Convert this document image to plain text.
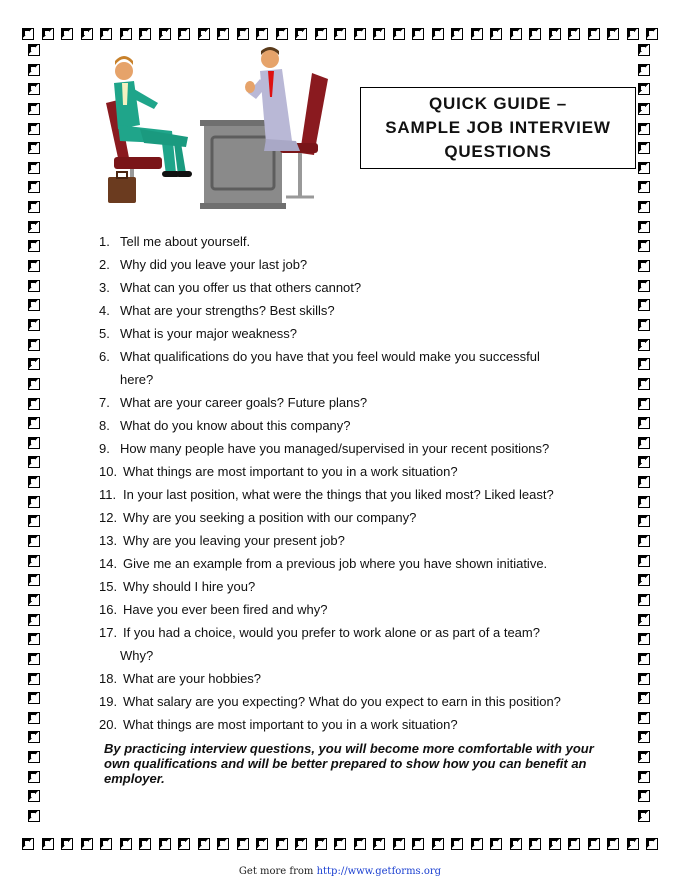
QUICK GUIDE –
SAMPLE JOB INTERVIEW
QUESTIONS
1. Tell me about yourself.
2. Why did you leave your last job?
3. What can you offer us that others cannot?
4. What are your strengths? Best skills?
5. What is your major weakness?
6. What qualifications do you have that you feel would make you successful
here?
7. What are your career goals? Future plans?
8. What do you know about this company?
9. How many people have you managed/supervised in your recent positions?
10. What things are most important to you in a work situation?
11. In your last position, what were the things that you liked most? Liked least?
12. Why are you seeking a position with our company?
13. Why are you leaving your present job?
14. Give me an example from a previous job where you have shown initiative.
15. Why should I hire you?
16. Have you ever been fired and why?
17. If you had a choice, would you prefer to work alone or as part of a team?
Why?
18. What are your hobbies?
19. What salary are you expecting? What do you expect to earn in this position?
20. What things are most important to you in a work situation?
By practicing interview questions, you will become more comfortable with your own qualifications and will be better prepared to show how you can benefit an employer.
Get more from http://www.getforms.org
